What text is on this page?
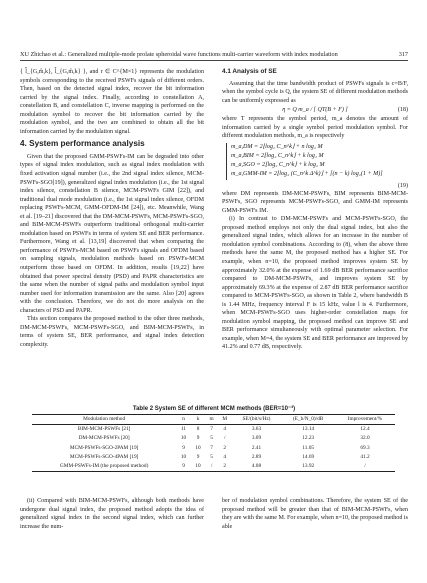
XU Zhichao et al.: Generalized multiple-mode prolate spheroidal wave functions multi-carrier waveform with index modulation	317

{ l̂_{G,m̂,k}, l̂_{G,m̂,k} }, and r ∈ C^{M×1} represents the modulation symbols corresponding to the received PSWFs signals of different orders. Then, based on the detected signal index, recover the bit information carried by the signal index. Finally, according to constellation A, constellation B, and constellation C, inverse mapping is performed on the modulation symbol to recover the bit information carried by the modulation symbol, and the two are combined to obtain all the bit information carried by the modulation signal.

4. System performance analysis

Given that the proposed GMM-PSWFs-IM can be degraded into other types of signal index modulation, such as signal index modulation with fixed activation signal number (i.e., the 2nd signal index silence, MCM-PSWFs-SGO[19]), generalized signal index modulation (i.e., the 1st signal index silence, constellation B silence, MCM-PSWFs GIM [22]), and traditional dual mode modulation (i.e., the 1st signal index silence, OFDM replacing PSWFs-MCM, GMM-OFDM-IM [24]), etc. Meanwhile, Wang et al. [19–21] discovered that the DM-MCM-PSWFs, MCM-PSWFs-SGO, and BIM-MCM-PSWFs outperform traditional orthogonal multi-carrier modulation based on PSWFs in terms of system SE and BER performance. Furthermore, Wang et al. [13,19] discovered that when comparing the performance of PSWFs-MCM based on PSWFs signals and OFDM based on sampling signals, modulation methods based on PSWFs-MCM outperform those based on OFDM. In addition, results [19,22] have obtained that power spectral density (PSD) and PAPR characteristics are the same when the number of signal paths and modulation symbol input number used for information transmission are the same. Also [20] agrees with the conclusion. Therefore, we do not do more analysis on the characters of PSD and PAPR.

This section compares the proposed method to the other three methods, DM-MCM-PSWFs, MCM-PSWFs-SGO, and BIM-MCM-PSWFs, in terms of system SE, BER performance, and signal index detection complexity.

4.1 Analysis of SE

Assuming that the time bandwidth product of PSWFs signals is c=B/F, when the symbol cycle is Q, the system SE of different modulation methods can be uniformly expressed as

η = Q m_a / [ QT(B + F) ]	(18)

where T represents the symbol period, m_a denotes the amount of information carried by a single symbol period modulation symbol. For different modulation methods, m_a is respectively

m_a,DM = 2⌊log₂ C_n^k⌋ + n log₂ M
m_a,BIM = 2⌊log₂ C_n^k⌋ + k log₂ M
m_a,SGO = 2⌊log₂ C_n^k⌋ + k log₂ M
m_a,GMM-IM = 2⌊log₂ (C_n^k Δ^k)⌋ + [(n − k) log₂(1 + M)]
(19)

where DM represents DM-MCM-PSWFs, BIM represents BIM-MCM-PSWFs, SGO represents MCM-PSWFs-SGO, and GMM-IM represents GMM-PSWFs IM.

(i) In contrast to DM-MCM-PSWFs and MCM-PSWFs-SGO, the proposed method employs not only the dual signal index, but also the generalized signal index, which allows for an increase in the number of modulation symbol combinations. According to (8), when the above three methods have the same M, the proposed method has a higher SE. For example, when n=10, the proposed method improves system SE by approximately 32.0% at the expense of 1.69 dB BER performance sacrifice compared to DM-MCM-PSWFs, and improves system SE by approximately 69.3% at the expense of 2.87 dB BER performance sacrifice compared to MCM-PSWFs-SGO, as shown in Table 2, where bandwidth B is 1.44 MHz, frequency interval F is 15 kHz, value l is 4. Furthermore, when MCM-PSWFs-SGO uses higher-order constellation maps for modulation symbol mapping, the proposed method can improve SE and BER performance simultaneously with optimal parameter selection. For example, when M=4, the system SE and BER performance are improved by 41.2% and 0.77 dB, respectively.

Table 2 System SE of different MCM methods (BER=10⁻³)
Modulation method	n	k	m	M	SE/(bit/s/Hz)	(E_b/N_0)/dB	Improvement/%
BIM-MCM-PSWFs [21]	11	8	7	4	3.63	13.14	12.4
DM-MCM-PSWFs [20]	10	9	5	/	3.09	12.23	32.0
MCM-PSWFs-SGO-2PAM [19]	9	10	7	2	2.41	11.05	69.3
MCM-PSWFs-SGO-4PAM [19]	10	9	5	4	2.89	14.69	41.2
GMM-PSWFs-IM (the proposed method)	9	10	/	2	4.08	13.92	/

(ii) Compared with BIM-MCM-PSWFs, although both methods have undergone dual signal index, the proposed method adopts the idea of generalized signal index in the second signal index, which can further increase the num-

ber of modulation symbol combinations. Therefore, the system SE of the proposed method will be greater than that of BIM-MCM-PSWFs, when they are with the same M. For example, when n=10, the proposed method is able
